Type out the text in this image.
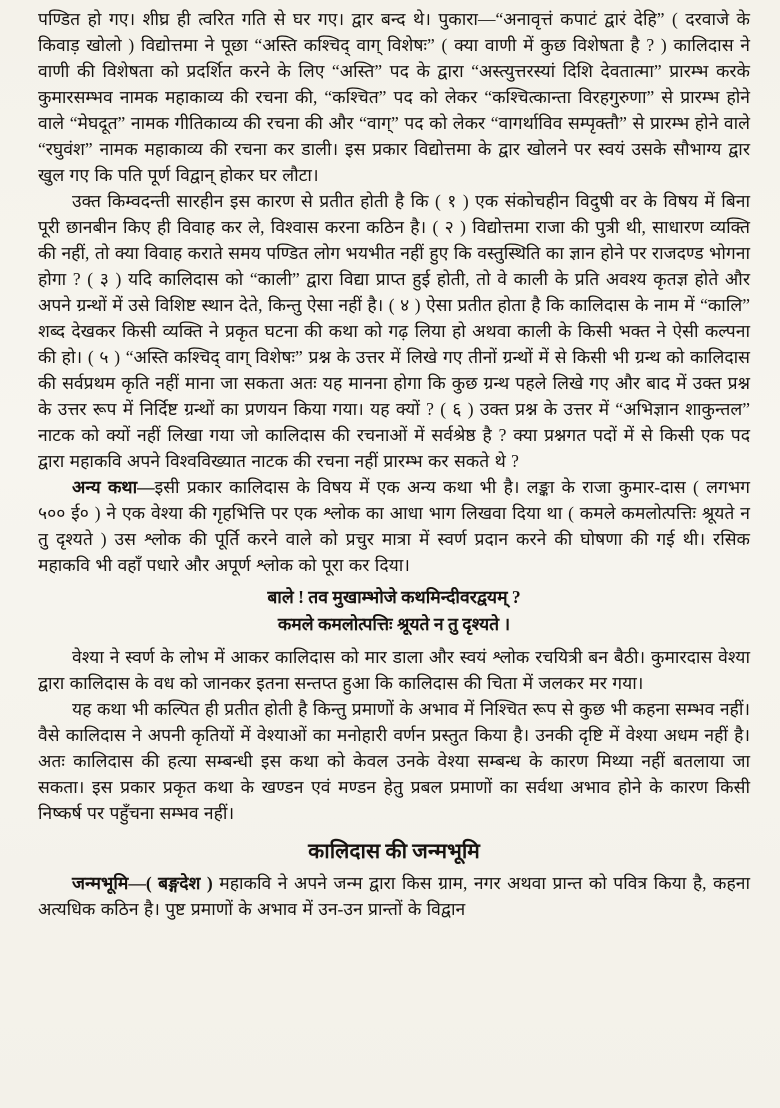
पण्डित हो गए। शीघ्र ही त्वरित गति से घर गए। द्वार बन्द थे। पुकारा—“अनावृत्तं कपाटं द्वारं देहि” ( दरवाजे के किवाड़ खोलो ) विद्योत्तमा ने पूछा “अस्ति कश्चिद् वाग् विशेषः” ( क्या वाणी में कुछ विशेषता है ? ) कालिदास ने वाणी की विशेषता को प्रदर्शित करने के लिए “अस्ति” पद के द्वारा “अस्त्युत्तरस्यां दिशि देवतात्मा” प्रारम्भ करके कुमारसम्भव नामक महाकाव्य की रचना की, “कश्चित” पद को लेकर “कश्चित्कान्ता विरहगुरुणा” से प्रारम्भ होने वाले “मेघदूत” नामक गीतिकाव्य की रचना की और “वाग्” पद को लेकर “वागर्थाविव सम्पृक्तौ” से प्रारम्भ होने वाले “रघुवंश” नामक महाकाव्य की रचना कर डाली। इस प्रकार विद्योत्तमा के द्वार खोलने पर स्वयं उसके सौभाग्य द्वार खुल गए कि पति पूर्ण विद्वान् होकर घर लौटा।

उक्त किम्वदन्ती सारहीन इस कारण से प्रतीत होती है कि ( १ ) एक संकोचहीन विदुषी वर के विषय में बिना पूरी छानबीन किए ही विवाह कर ले, विश्वास करना कठिन है। ( २ ) विद्योत्तमा राजा की पुत्री थी, साधारण व्यक्ति की नहीं, तो क्या विवाह कराते समय पण्डित लोग भयभीत नहीं हुए कि वस्तुस्थिति का ज्ञान होने पर राजदण्ड भोगना होगा ? ( ३ ) यदि कालिदास को “काली” द्वारा विद्या प्राप्त हुई होती, तो वे काली के प्रति अवश्य कृतज्ञ होते और अपने ग्रन्थों में उसे विशिष्ट स्थान देते, किन्तु ऐसा नहीं है। ( ४ ) ऐसा प्रतीत होता है कि कालिदास के नाम में “कालि” शब्द देखकर किसी व्यक्ति ने प्रकृत घटना की कथा को गढ़ लिया हो अथवा काली के किसी भक्त ने ऐसी कल्पना की हो। ( ५ ) “अस्ति कश्चिद् वाग् विशेषः” प्रश्न के उत्तर में लिखे गए तीनों ग्रन्थों में से किसी भी ग्रन्थ को कालिदास की सर्वप्रथम कृति नहीं माना जा सकता अतः यह मानना होगा कि कुछ ग्रन्थ पहले लिखे गए और बाद में उक्त प्रश्न के उत्तर रूप में निर्दिष्ट ग्रन्थों का प्रणयन किया गया। यह क्यों ? ( ६ ) उक्त प्रश्न के उत्तर में “अभिज्ञान शाकुन्तल” नाटक को क्यों नहीं लिखा गया जो कालिदास की रचनाओं में सर्वश्रेष्ठ है ? क्या प्रश्नगत पदों में से किसी एक पद द्वारा महाकवि अपने विश्वविख्यात नाटक की रचना नहीं प्रारम्भ कर सकते थे ?

अन्य कथा—इसी प्रकार कालिदास के विषय में एक अन्य कथा भी है। लङ्का के राजा कुमार-दास ( लगभग ५०० ई० ) ने एक वेश्या की गृहभित्ति पर एक श्लोक का आधा भाग लिखवा दिया था ( कमले कमलोत्पत्तिः श्रूयते न तु दृश्यते ) उस श्लोक की पूर्ति करने वाले को प्रचुर मात्रा में स्वर्ण प्रदान करने की घोषणा की गई थी। रसिक महाकवि भी वहाँ पधारे और अपूर्ण श्लोक को पूरा कर दिया।

बाले ! तव मुखाम्भोजे कथमिन्दीवरद्वयम् ?
कमले कमलोत्पत्तिः श्रूयते न तु दृश्यते ।

वेश्या ने स्वर्ण के लोभ में आकर कालिदास को मार डाला और स्वयं श्लोक रचयित्री बन बैठी। कुमारदास वेश्या द्वारा कालिदास के वध को जानकर इतना सन्तप्त हुआ कि कालिदास की चिता में जलकर मर गया।

यह कथा भी कल्पित ही प्रतीत होती है किन्तु प्रमाणों के अभाव में निश्चित रूप से कुछ भी कहना सम्भव नहीं। वैसे कालिदास ने अपनी कृतियों में वेश्याओं का मनोहारी वर्णन प्रस्तुत किया है। उनकी दृष्टि में वेश्या अधम नहीं है। अतः कालिदास की हत्या सम्बन्धी इस कथा को केवल उनके वेश्या सम्बन्ध के कारण मिथ्या नहीं बतलाया जा सकता। इस प्रकार प्रकृत कथा के खण्डन एवं मण्डन हेतु प्रबल प्रमाणों का सर्वथा अभाव होने के कारण किसी निष्कर्ष पर पहुँचना सम्भव नहीं।

कालिदास की जन्मभूमि

जन्मभूमि—( बङ्गदेश ) महाकवि ने अपने जन्म द्वारा किस ग्राम, नगर अथवा प्रान्त को पवित्र किया है, कहना अत्यधिक कठिन है। पुष्ट प्रमाणों के अभाव में उन-उन प्रान्तों के विद्वान
